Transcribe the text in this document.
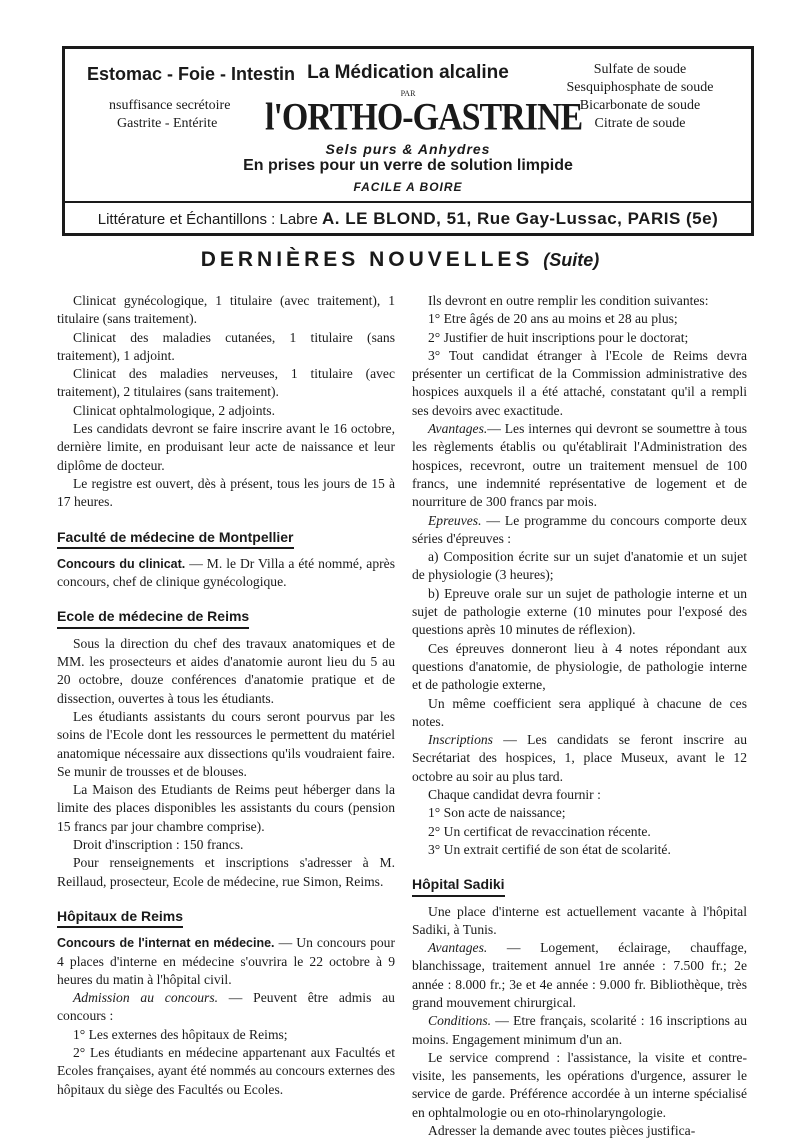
Estomac - Foie - Intestin
nsuffisance secrétoire
Gastrite - Entérite
La Médication alcaline
PAR
l'ORTHO-GASTRINE
Sulfate de soude
Sesquiphosphate de soude
Bicarbonate de soude
Citrate de soude
Sels purs & Anhydres
En prises pour un verre de solution limpide
FACILE A BOIRE
Littérature et Échantillons : Labre A. LE BLOND, 51, Rue Gay-Lussac, PARIS (5e)
DERNIÈRES NOUVELLES (Suite)

Clinicat gynécologique, 1 titulaire (avec traitement), 1 titulaire (sans traitement).

Clinicat des maladies cutanées, 1 titulaire (sans traitement), 1 adjoint.

Clinicat des maladies nerveuses, 1 titulaire (avec traitement), 2 titulaires (sans traitement).

Clinicat ophtalmologique, 2 adjoints.

Les candidats devront se faire inscrire avant le 16 octobre, dernière limite, en produisant leur acte de naissance et leur diplôme de docteur.

Le registre est ouvert, dès à présent, tous les jours de 15 à 17 heures.

Faculté de médecine de Montpellier

Concours du clinicat. — M. le Dr Villa a été nommé, après concours, chef de clinique gynécologique.

Ecole de médecine de Reims

Sous la direction du chef des travaux anatomiques et de MM. les prosecteurs et aides d'anatomie auront lieu du 5 au 20 octobre, douze conférences d'anatomie pratique et de dissection, ouvertes à tous les étudiants.

Les étudiants assistants du cours seront pourvus par les soins de l'Ecole dont les ressources le permettent du matériel anatomique nécessaire aux dissections qu'ils voudraient faire. Se munir de trousses et de blouses.

La Maison des Etudiants de Reims peut héberger dans la limite des places disponibles les assistants du cours (pension 15 francs par jour chambre comprise).

Droit d'inscription : 150 francs.

Pour renseignements et inscriptions s'adresser à M. Reillaud, prosecteur, Ecole de médecine, rue Simon, Reims.

Hôpitaux de Reims

Concours de l'internat en médecine. — Un concours pour 4 places d'interne en médecine s'ouvrira le 22 octobre à 9 heures du matin à l'hôpital civil.

Admission au concours. — Peuvent être admis au concours :

1° Les externes des hôpitaux de Reims;

2° Les étudiants en médecine appartenant aux Facultés et Ecoles françaises, ayant été nommés au concours externes des hôpitaux du siège des Facultés ou Ecoles.

Ils devront en outre remplir les condition suivantes:

1° Etre âgés de 20 ans au moins et 28 au plus;

2° Justifier de huit inscriptions pour le doctorat;

3° Tout candidat étranger à l'Ecole de Reims devra présenter un certificat de la Commission administrative des hospices auxquels il a été attaché, constatant qu'il a rempli ses devoirs avec exactitude.

Avantages.— Les internes qui devront se soumettre à tous les règlements établis ou qu'établirait l'Administration des hospices, recevront, outre un traitement mensuel de 100 francs, une indemnité représentative de logement et de nourriture de 300 francs par mois.

Epreuves. — Le programme du concours comporte deux séries d'épreuves :

a) Composition écrite sur un sujet d'anatomie et un sujet de physiologie (3 heures);

b) Epreuve orale sur un sujet de pathologie interne et un sujet de pathologie externe (10 minutes pour l'exposé des questions après 10 minutes de réflexion).

Ces épreuves donneront lieu à 4 notes répondant aux questions d'anatomie, de physiologie, de pathologie interne et de pathologie externe,

Un même coefficient sera appliqué à chacune de ces notes.

Inscriptions — Les candidats se feront inscrire au Secrétariat des hospices, 1, place Museux, avant le 12 octobre au soir au plus tard.

Chaque candidat devra fournir :

1° Son acte de naissance;

2° Un certificat de revaccination récente.

3° Un extrait certifié de son état de scolarité.

Hôpital Sadiki

Une place d'interne est actuellement vacante à l'hôpital Sadiki, à Tunis.

Avantages. — Logement, éclairage, chauffage, blanchissage, traitement annuel 1re année : 7.500 fr.; 2e année : 8.000 fr.; 3e et 4e année : 9.000 fr. Bibliothèque, très grand mouvement chirurgical.

Conditions. — Etre français, scolarité : 16 inscriptions au moins. Engagement minimum d'un an.

Le service comprend : l'assistance, la visite et contre-visite, les pansements, les opérations d'urgence, assurer le service de garde. Préférence accordée à un interne spécialisé en ophtalmologie ou en oto-rhinolaryngologie.

Adresser la demande avec toutes pièces justifica-
